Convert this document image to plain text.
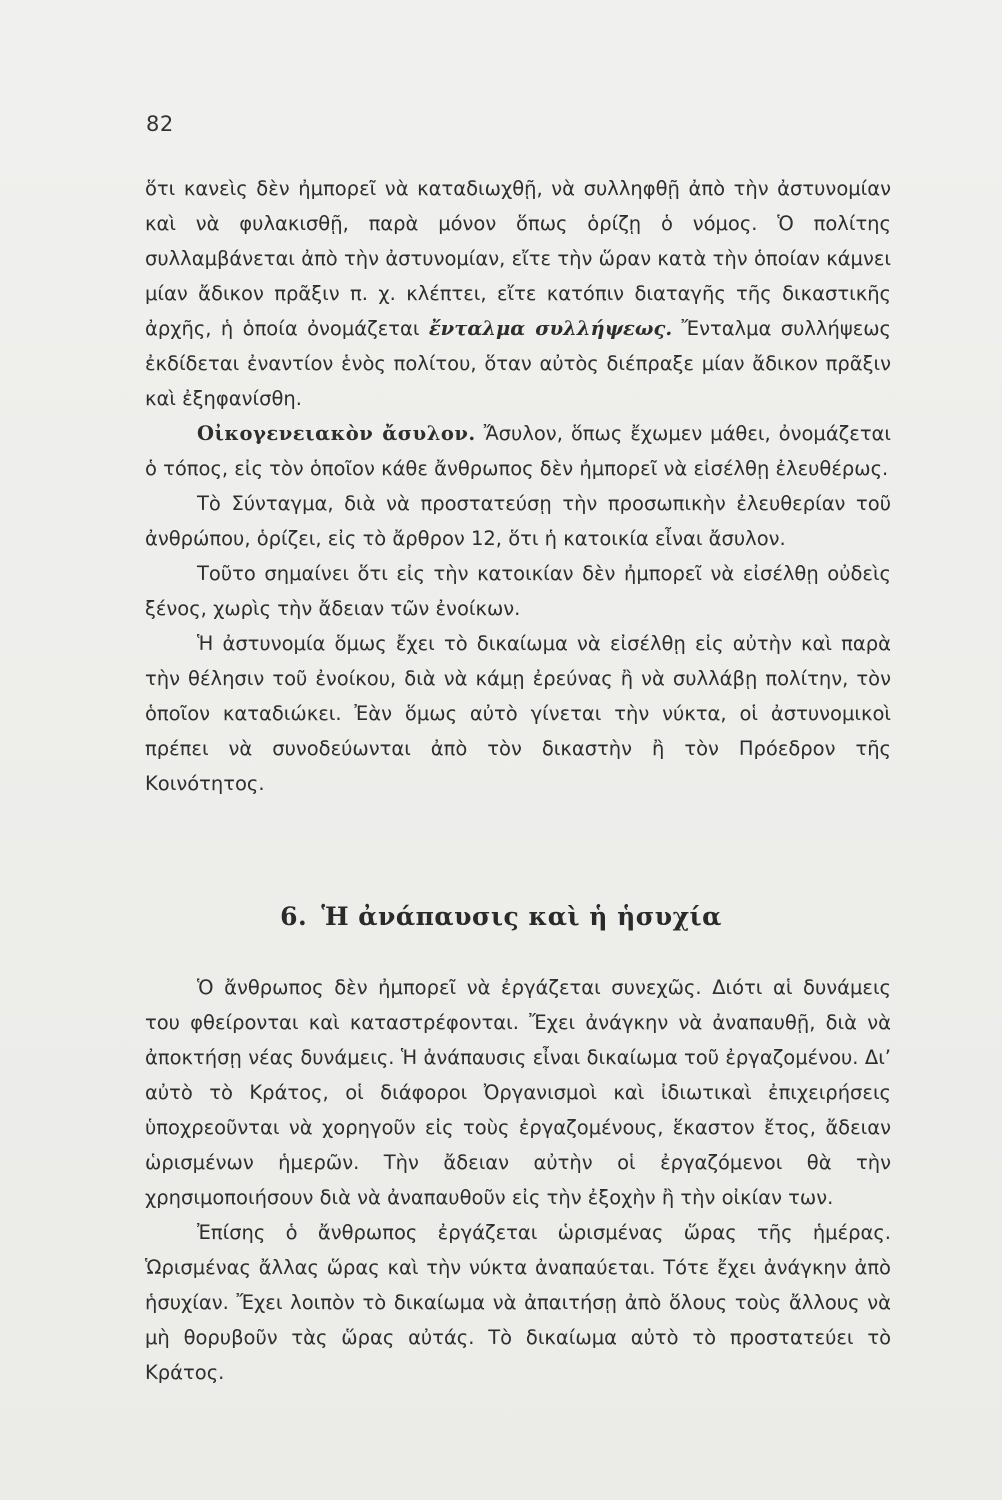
82

ὅτι κανεὶς δὲν ἠμπορεῖ νὰ καταδιωχθῇ, νὰ συλληφθῇ ἀπὸ τὴν ἀστυνομίαν καὶ νὰ φυλακισθῇ, παρὰ μόνον ὅπως ὁρίζῃ ὁ νόμος. Ὁ πολίτης συλλαμβάνεται ἀπὸ τὴν ἀστυνομίαν, εἴτε τὴν ὥραν κατὰ τὴν ὁποίαν κάμνει μίαν ἄδικον πρᾶξιν π. χ. κλέπτει, εἴτε κατόπιν διαταγῆς τῆς δικαστικῆς ἀρχῆς, ἡ ὁποία ὀνομάζεται ἔνταλμα συλλήψεως. Ἔνταλμα συλλήψεως ἐκδίδεται ἐναντίον ἑνὸς πολίτου, ὅταν αὐτὸς διέπραξε μίαν ἄδικον πρᾶξιν καὶ ἐξηφανίσθη.

Οἰκογενειακὸν ἄσυλον. Ἄσυλον, ὅπως ἔχωμεν μάθει, ὀνομάζεται ὁ τόπος, εἰς τὸν ὁποῖον κάθε ἄνθρωπος δὲν ἠμπορεῖ νὰ εἰσέλθῃ ἐλευθέρως.

Τὸ Σύνταγμα, διὰ νὰ προστατεύσῃ τὴν προσωπικὴν ἐλευθερίαν τοῦ ἀνθρώπου, ὁρίζει, εἰς τὸ ἄρθρον 12, ὅτι ἡ κατοικία εἶναι ἄσυλον.

Τοῦτο σημαίνει ὅτι εἰς τὴν κατοικίαν δὲν ἠμπορεῖ νὰ εἰσέλθῃ οὐδεὶς ξένος, χωρὶς τὴν ἄδειαν τῶν ἐνοίκων.

Ἡ ἀστυνομία ὅμως ἔχει τὸ δικαίωμα νὰ εἰσέλθῃ εἰς αὐτὴν καὶ παρὰ τὴν θέλησιν τοῦ ἐνοίκου, διὰ νὰ κάμῃ ἐρεύνας ἢ νὰ συλλάβῃ πολίτην, τὸν ὁποῖον καταδιώκει. Ἐὰν ὅμως αὐτὸ γίνεται τὴν νύκτα, οἱ ἀστυνομικοὶ πρέπει νὰ συνοδεύωνται ἀπὸ τὸν δικαστὴν ἢ τὸν Πρόεδρον τῆς Κοινότητος.

6. Ἡ ἀνάπαυσις καὶ ἡ ἡσυχία

Ὁ ἄνθρωπος δὲν ἠμπορεῖ νὰ ἐργάζεται συνεχῶς. Διότι αἱ δυνάμεις του φθείρονται καὶ καταστρέφονται. Ἔχει ἀνάγκην νὰ ἀναπαυθῇ, διὰ νὰ ἀποκτήσῃ νέας δυνάμεις. Ἡ ἀνάπαυσις εἶναι δικαίωμα τοῦ ἐργαζομένου. Δι’ αὐτὸ τὸ Κράτος, οἱ διάφοροι Ὀργανισμοὶ καὶ ἰδιωτικαὶ ἐπιχειρήσεις ὑποχρεοῦνται νὰ χορηγοῦν εἰς τοὺς ἐργαζομένους, ἕκαστον ἔτος, ἄδειαν ὡρισμένων ἡμερῶν. Τὴν ἄδειαν αὐτὴν οἱ ἐργαζόμενοι θὰ τὴν χρησιμοποιήσουν διὰ νὰ ἀναπαυθοῦν εἰς τὴν ἐξοχὴν ἢ τὴν οἰκίαν των.

Ἐπίσης ὁ ἄνθρωπος ἐργάζεται ὡρισμένας ὥρας τῆς ἡμέρας. Ὡρισμένας ἄλλας ὥρας καὶ τὴν νύκτα ἀναπαύεται. Τότε ἔχει ἀνάγκην ἀπὸ ἡσυχίαν. Ἔχει λοιπὸν τὸ δικαίωμα νὰ ἀπαιτήσῃ ἀπὸ ὅλους τοὺς ἄλλους νὰ μὴ θορυβοῦν τὰς ὥρας αὐτάς. Τὸ δικαίωμα αὐτὸ τὸ προστατεύει τὸ Κράτος.
